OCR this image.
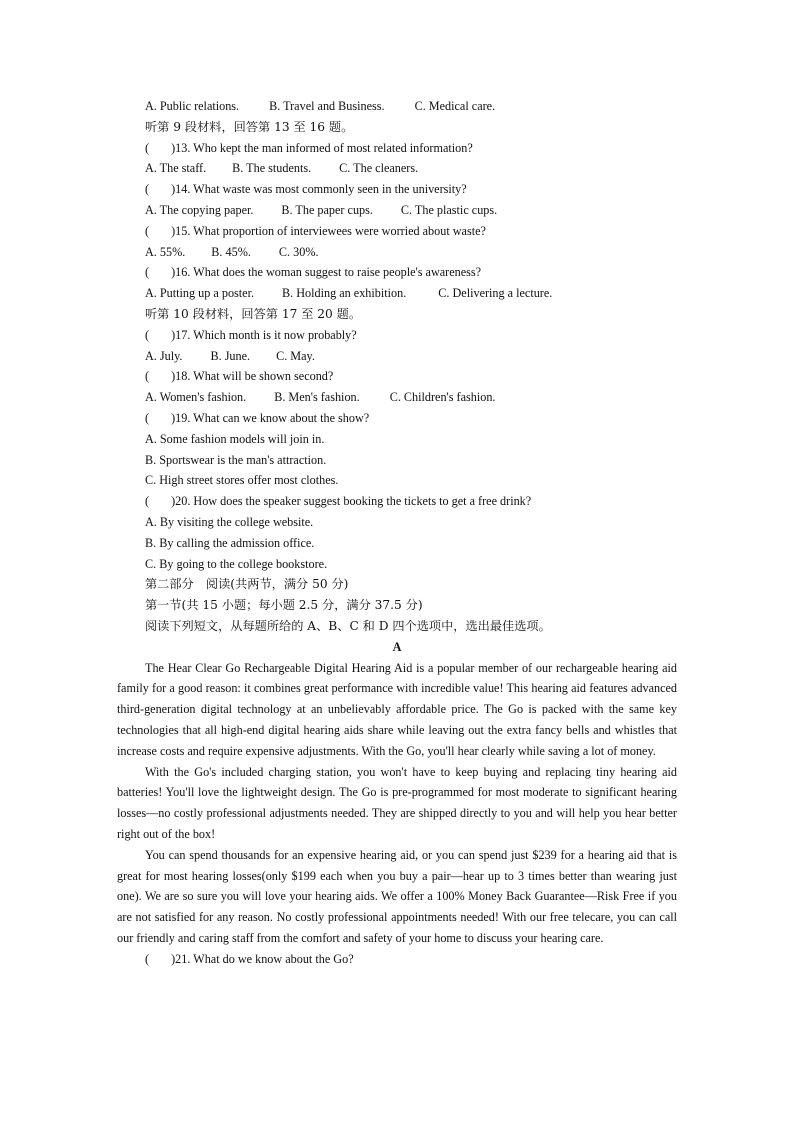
A. Public relations. B. Travel and Business. C. Medical care.
听第 9 段材料，回答第 13 至 16 题。
( )13. Who kept the man informed of most related information?
A. The staff. B. The students. C. The cleaners.
( )14. What waste was most commonly seen in the university?
A. The copying paper. B. The paper cups. C. The plastic cups.
( )15. What proportion of interviewees were worried about waste?
A. 55%. B. 45%. C. 30%.
( )16. What does the woman suggest to raise people's awareness?
A. Putting up a poster. B. Holding an exhibition.	C. Delivering a lecture.
听第 10 段材料，回答第 17 至 20 题。
( )17. Which month is it now probably?
A. July. B. June. C. May.
( )18. What will be shown second?
A. Women's fashion. B. Men's fashion. C. Children's fashion.
( )19. What can we know about the show?
A. Some fashion models will join in.
B. Sportswear is the man's attraction.
C. High street stores offer most clothes.
( )20. How does the speaker suggest booking the tickets to get a free drink?
A. By visiting the college website.
B. By calling the admission office.
C. By going to the college bookstore.
第二部分　阅读(共两节，满分 50 分)
第一节(共 15 小题；每小题 2.5 分，满分 37.5 分)
阅读下列短文，从每题所给的 A、B、C 和 D 四个选项中，选出最佳选项。
A

The Hear Clear Go Rechargeable Digital Hearing Aid is a popular member of our rechargeable hearing aid family for a good reason: it combines great performance with incredible value! This hearing aid features advanced third-generation digital technology at an unbelievably affordable price. The Go is packed with the same key technologies that all high-end digital hearing aids share while leaving out the extra fancy bells and whistles that increase costs and require expensive adjustments. With the Go, you'll hear clearly while saving a lot of money.

With the Go's included charging station, you won't have to keep buying and replacing tiny hearing aid batteries! You'll love the lightweight design. The Go is pre-programmed for most moderate to significant hearing losses—no costly professional adjustments needed. They are shipped directly to you and will help you hear better right out of the box!

You can spend thousands for an expensive hearing aid, or you can spend just $239 for a hearing aid that is great for most hearing losses(only $199 each when you buy a pair—hear up to 3 times better than wearing just one). We are so sure you will love your hearing aids. We offer a 100% Money Back Guarantee—Risk Free if you are not satisfied for any reason. No costly professional appointments needed! With our free telecare, you can call our friendly and caring staff from the comfort and safety of your home to discuss your hearing care.

( )21. What do we know about the Go?
